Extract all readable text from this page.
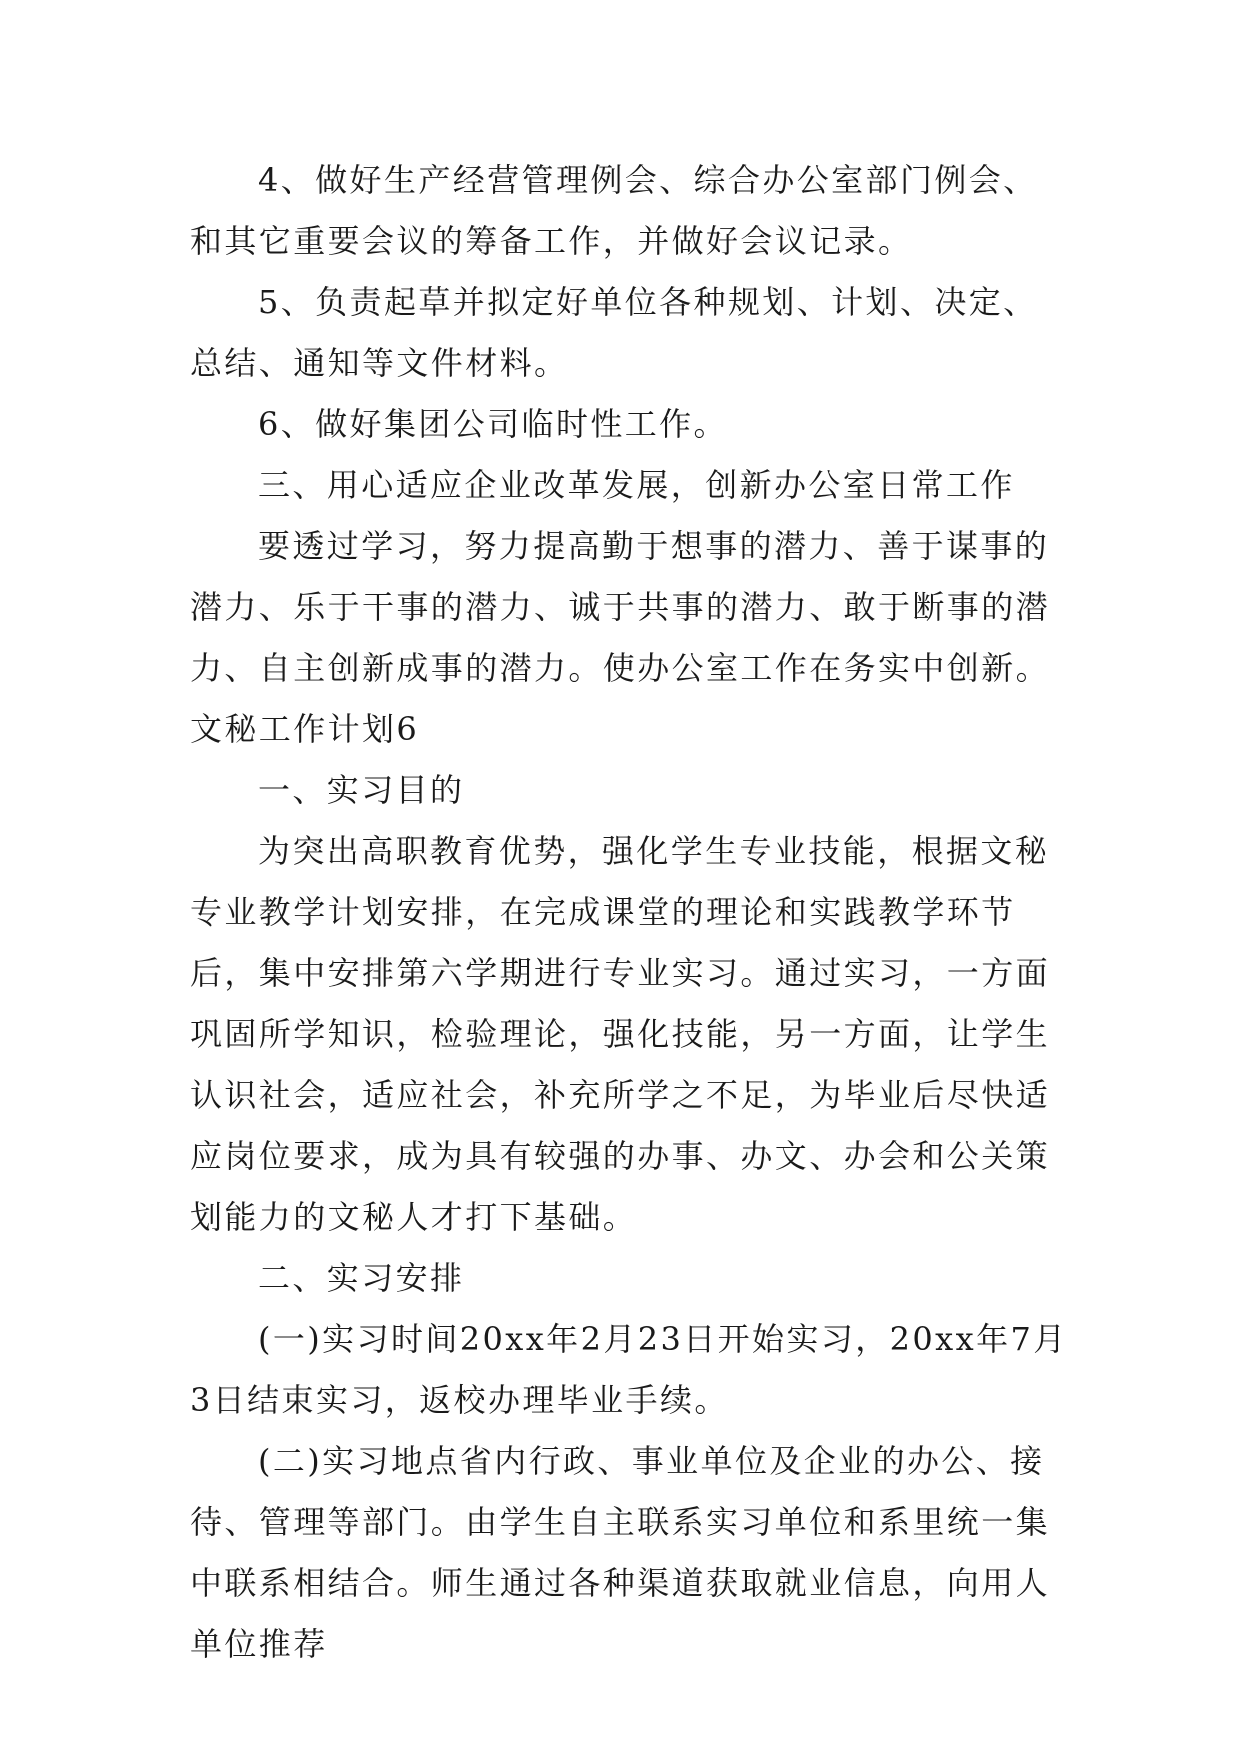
4、做好生产经营管理例会、综合办公室部门例会、和其它重要会议的筹备工作，并做好会议记录。

5、负责起草并拟定好单位各种规划、计划、决定、总结、通知等文件材料。

6、做好集团公司临时性工作。

三、用心适应企业改革发展，创新办公室日常工作

要透过学习，努力提高勤于想事的潜力、善于谋事的潜力、乐于干事的潜力、诚于共事的潜力、敢于断事的潜力、自主创新成事的潜力。使办公室工作在务实中创新。

文秘工作计划6

一、实习目的

为突出高职教育优势，强化学生专业技能，根据文秘专业教学计划安排，在完成课堂的理论和实践教学环节后，集中安排第六学期进行专业实习。通过实习，一方面巩固所学知识，检验理论，强化技能，另一方面，让学生认识社会，适应社会，补充所学之不足，为毕业后尽快适应岗位要求，成为具有较强的办事、办文、办会和公关策划能力的文秘人才打下基础。

二、实习安排

(一)实习时间20xx年2月23日开始实习，20xx年7月3日结束实习，返校办理毕业手续。

(二)实习地点省内行政、事业单位及企业的办公、接待、管理等部门。由学生自主联系实习单位和系里统一集中联系相结合。师生通过各种渠道获取就业信息，向用人单位推荐
